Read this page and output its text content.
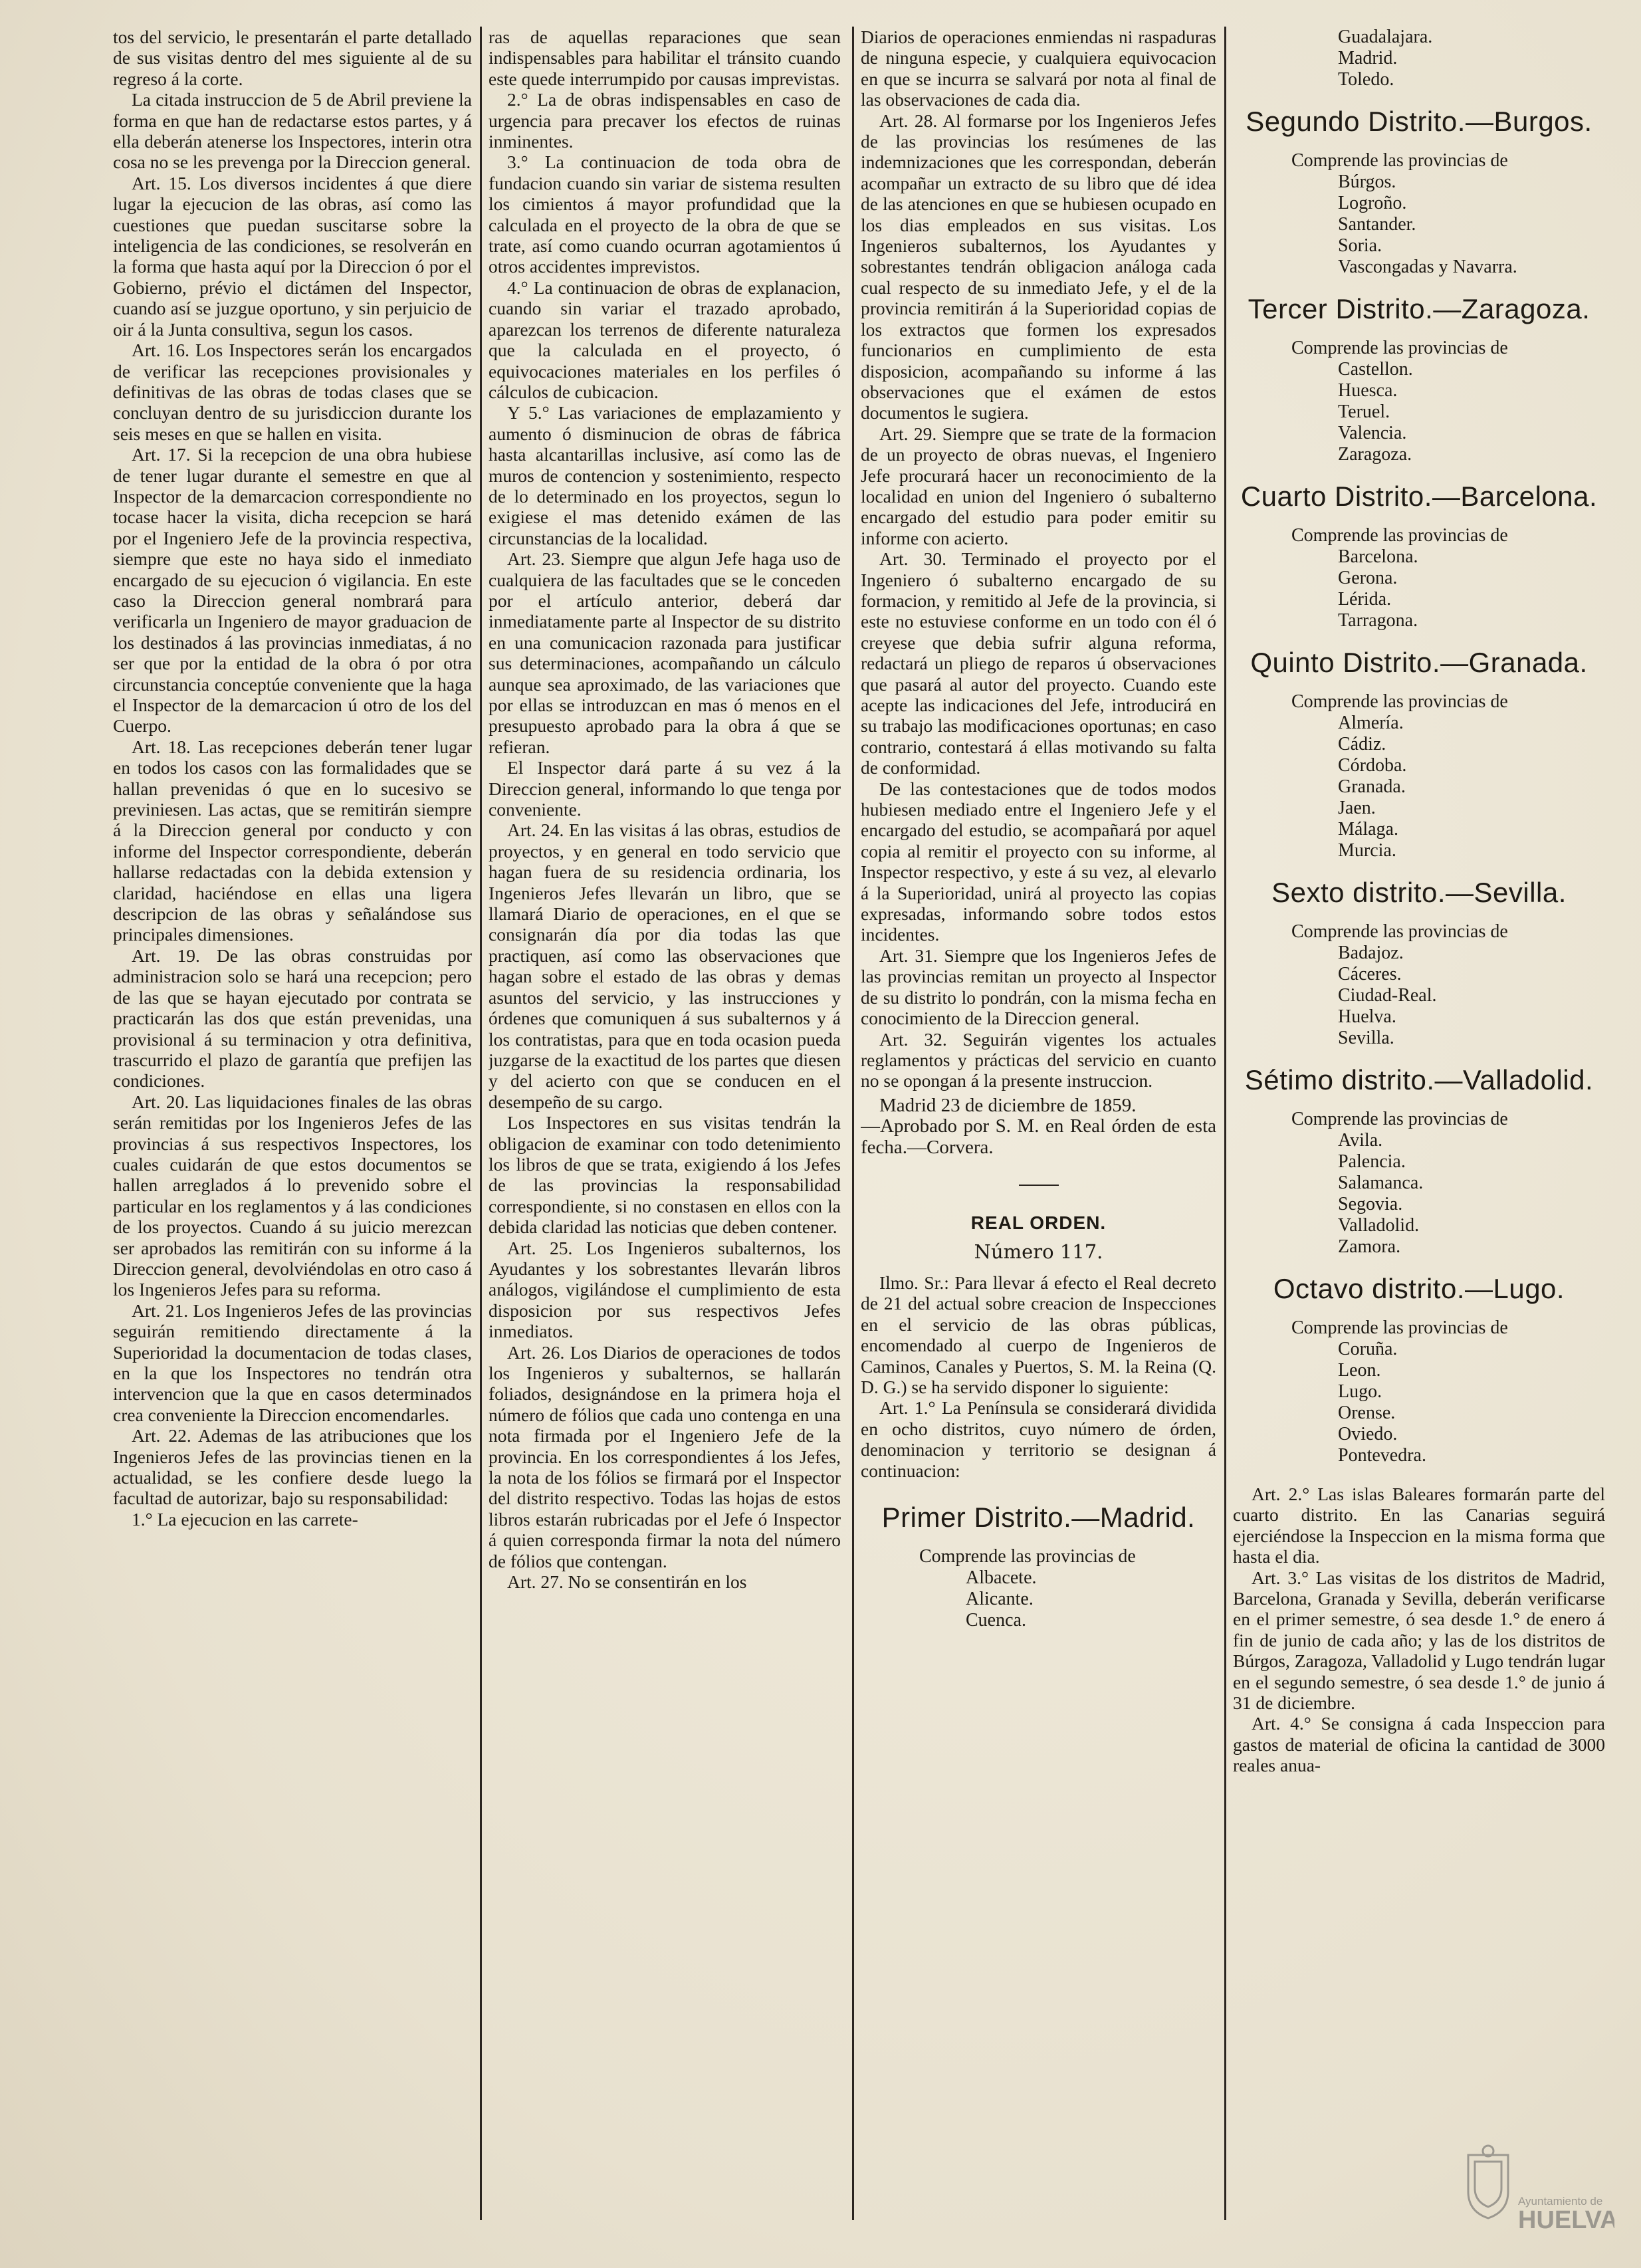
tos del servicio, le presentarán el parte detallado de sus visitas dentro del mes siguiente al de su regreso á la corte.

La citada instruccion de 5 de Abril previene la forma en que han de redactarse estos partes, y á ella deberán atenerse los Inspectores, interin otra cosa no se les prevenga por la Direccion general.

Art. 15. Los diversos incidentes á que diere lugar la ejecucion de las obras, así como las cuestiones que puedan suscitarse sobre la inteligencia de las condiciones, se resolverán en la forma que hasta aquí por la Direccion ó por el Gobierno, prévio el dictámen del Inspector, cuando así se juzgue oportuno, y sin perjuicio de oir á la Junta consultiva, segun los casos.

Art. 16. Los Inspectores serán los encargados de verificar las recepciones provisionales y definitivas de las obras de todas clases que se concluyan dentro de su jurisdiccion durante los seis meses en que se hallen en visita.

Art. 17. Si la recepcion de una obra hubiese de tener lugar durante el semestre en que al Inspector de la demarcacion correspondiente no tocase hacer la visita, dicha recepcion se hará por el Ingeniero Jefe de la provincia respectiva, siempre que este no haya sido el inmediato encargado de su ejecucion ó vigilancia. En este caso la Direccion general nombrará para verificarla un Ingeniero de mayor graduacion de los destinados á las provincias inmediatas, á no ser que por la entidad de la obra ó por otra circunstancia conceptúe conveniente que la haga el Inspector de la demarcacion ú otro de los del Cuerpo.

Art. 18. Las recepciones deberán tener lugar en todos los casos con las formalidades que se hallan prevenidas ó que en lo sucesivo se previniesen. Las actas, que se remitirán siempre á la Direccion general por conducto y con informe del Inspector correspondiente, deberán hallarse redactadas con la debida extension y claridad, haciéndose en ellas una ligera descripcion de las obras y señalándose sus principales dimensiones.

Art. 19. De las obras construidas por administracion solo se hará una recepcion; pero de las que se hayan ejecutado por contrata se practicarán las dos que están prevenidas, una provisional á su terminacion y otra definitiva, trascurrido el plazo de garantía que prefijen las condiciones.

Art. 20. Las liquidaciones finales de las obras serán remitidas por los Ingenieros Jefes de las provincias á sus respectivos Inspectores, los cuales cuidarán de que estos documentos se hallen arreglados á lo prevenido sobre el particular en los reglamentos y á las condiciones de los proyectos. Cuando á su juicio merezcan ser aprobados las remitirán con su informe á la Direccion general, devolviéndolas en otro caso á los Ingenieros Jefes para su reforma.

Art. 21. Los Ingenieros Jefes de las provincias seguirán remitiendo directamente á la Superioridad la documentacion de todas clases, en la que los Inspectores no tendrán otra intervencion que la que en casos determinados crea conveniente la Direccion encomendarles.

Art. 22. Ademas de las atribuciones que los Ingenieros Jefes de las provincias tienen en la actualidad, se les confiere desde luego la facultad de autorizar, bajo su responsabilidad:

1.° La ejecucion en las carrete-

ras de aquellas reparaciones que sean indispensables para habilitar el tránsito cuando este quede interrumpido por causas imprevistas.

2.° La de obras indispensables en caso de urgencia para precaver los efectos de ruinas inminentes.

3.° La continuacion de toda obra de fundacion cuando sin variar de sistema resulten los cimientos á mayor profundidad que la calculada en el proyecto de la obra de que se trate, así como cuando ocurran agotamientos ú otros accidentes imprevistos.

4.° La continuacion de obras de explanacion, cuando sin variar el trazado aprobado, aparezcan los terrenos de diferente naturaleza que la calculada en el proyecto, ó equivocaciones materiales en los perfiles ó cálculos de cubicacion.

Y 5.° Las variaciones de emplazamiento y aumento ó disminucion de obras de fábrica hasta alcantarillas inclusive, así como las de muros de contencion y sostenimiento, respecto de lo determinado en los proyectos, segun lo exigiese el mas detenido exámen de las circunstancias de la localidad.

Art. 23. Siempre que algun Jefe haga uso de cualquiera de las facultades que se le conceden por el artículo anterior, deberá dar inmediatamente parte al Inspector de su distrito en una comunicacion razonada para justificar sus determinaciones, acompañando un cálculo aunque sea aproximado, de las variaciones que por ellas se introduzcan en mas ó menos en el presupuesto aprobado para la obra á que se refieran.

El Inspector dará parte á su vez á la Direccion general, informando lo que tenga por conveniente.

Art. 24. En las visitas á las obras, estudios de proyectos, y en general en todo servicio que hagan fuera de su residencia ordinaria, los Ingenieros Jefes llevarán un libro, que se llamará Diario de operaciones, en el que se consignarán día por dia todas las que practiquen, así como las observaciones que hagan sobre el estado de las obras y demas asuntos del servicio, y las instrucciones y órdenes que comuniquen á sus subalternos y á los contratistas, para que en toda ocasion pueda juzgarse de la exactitud de los partes que diesen y del acierto con que se conducen en el desempeño de su cargo.

Los Inspectores en sus visitas tendrán la obligacion de examinar con todo detenimiento los libros de que se trata, exigiendo á los Jefes de las provincias la responsabilidad correspondiente, si no constasen en ellos con la debida claridad las noticias que deben contener.

Art. 25. Los Ingenieros subalternos, los Ayudantes y los sobrestantes llevarán libros análogos, vigilándose el cumplimiento de esta disposicion por sus respectivos Jefes inmediatos.

Art. 26. Los Diarios de operaciones de todos los Ingenieros y subalternos, se hallarán foliados, designándose en la primera hoja el número de fólios que cada uno contenga en una nota firmada por el Ingeniero Jefe de la provincia. En los correspondientes á los Jefes, la nota de los fólios se firmará por el Inspector del distrito respectivo. Todas las hojas de estos libros estarán rubricadas por el Jefe ó Inspector á quien corresponda firmar la nota del número de fólios que contengan.

Art. 27. No se consentirán en los

Diarios de operaciones enmiendas ni raspaduras de ninguna especie, y cualquiera equivocacion en que se incurra se salvará por nota al final de las observaciones de cada dia.

Art. 28. Al formarse por los Ingenieros Jefes de las provincias los resúmenes de las indemnizaciones que les correspondan, deberán acompañar un extracto de su libro que dé idea de las atenciones en que se hubiesen ocupado en los dias empleados en sus visitas. Los Ingenieros subalternos, los Ayudantes y sobrestantes tendrán obligacion análoga cada cual respecto de su inmediato Jefe, y el de la provincia remitirán á la Superioridad copias de los extractos que formen los expresados funcionarios en cumplimiento de esta disposicion, acompañando su informe á las observaciones que el exámen de estos documentos le sugiera.

Art. 29. Siempre que se trate de la formacion de un proyecto de obras nuevas, el Ingeniero Jefe procurará hacer un reconocimiento de la localidad en union del Ingeniero ó subalterno encargado del estudio para poder emitir su informe con acierto.

Art. 30. Terminado el proyecto por el Ingeniero ó subalterno encargado de su formacion, y remitido al Jefe de la provincia, si este no estuviese conforme en un todo con él ó creyese que debia sufrir alguna reforma, redactará un pliego de reparos ú observaciones que pasará al autor del proyecto. Cuando este acepte las indicaciones del Jefe, introducirá en su trabajo las modificaciones oportunas; en caso contrario, contestará á ellas motivando su falta de conformidad.

De las contestaciones que de todos modos hubiesen mediado entre el Ingeniero Jefe y el encargado del estudio, se acompañará por aquel copia al remitir el proyecto con su informe, al Inspector respectivo, y este á su vez, al elevarlo á la Superioridad, unirá al proyecto las copias expresadas, informando sobre todos estos incidentes.

Art. 31. Siempre que los Ingenieros Jefes de las provincias remitan un proyecto al Inspector de su distrito lo pondrán, con la misma fecha en conocimiento de la Direccion general.

Art. 32. Seguirán vigentes los actuales reglamentos y prácticas del servicio en cuanto no se opongan á la presente instruccion.

Madrid 23 de diciembre de 1859.

—Aprobado por S. M. en Real órden de esta fecha.—Corvera.

REAL ORDEN.
Número 117.

Ilmo. Sr.: Para llevar á efecto el Real decreto de 21 del actual sobre creacion de Inspecciones en el servicio de las obras públicas, encomendado al cuerpo de Ingenieros de Caminos, Canales y Puertos, S. M. la Reina (Q. D. G.) se ha servido disponer lo siguiente:

Art. 1.° La Península se considerará dividida en ocho distritos, cuyo número de órden, denominacion y territorio se designan á continuacion:

Primer Distrito.—Madrid.

Comprende las provincias de

Albacete.

Alicante.

Cuenca.

Guadalajara.

Madrid.

Toledo.

Segundo Distrito.—Burgos.

Comprende las provincias de

Búrgos.

Logroño.

Santander.

Soria.

Vascongadas y Navarra.

Tercer Distrito.—Zaragoza.

Comprende las provincias de

Castellon.

Huesca.

Teruel.

Valencia.

Zaragoza.

Cuarto Distrito.—Barcelona.

Comprende las provincias de

Barcelona.

Gerona.

Lérida.

Tarragona.

Quinto Distrito.—Granada.

Comprende las provincias de

Almería.

Cádiz.

Córdoba.

Granada.

Jaen.

Málaga.

Murcia.

Sexto distrito.—Sevilla.

Comprende las provincias de

Badajoz.

Cáceres.

Ciudad-Real.

Huelva.

Sevilla.

Sétimo distrito.—Valladolid.

Comprende las provincias de

Avila.

Palencia.

Salamanca.

Segovia.

Valladolid.

Zamora.

Octavo distrito.—Lugo.

Comprende las provincias de

Coruña.

Leon.

Lugo.

Orense.

Oviedo.

Pontevedra.

Art. 2.° Las islas Baleares formarán parte del cuarto distrito. En las Canarias seguirá ejerciéndose la Inspeccion en la misma forma que hasta el dia.

Art. 3.° Las visitas de los distritos de Madrid, Barcelona, Granada y Sevilla, deberán verificarse en el primer semestre, ó sea desde 1.° de enero á fin de junio de cada año; y las de los distritos de Búrgos, Zaragoza, Valladolid y Lugo tendrán lugar en el segundo semestre, ó sea desde 1.° de junio á 31 de diciembre.

Art. 4.° Se consigna á cada Inspeccion para gastos de material de oficina la cantidad de 3000 reales anua-

Ayuntamiento de
HUELVA
